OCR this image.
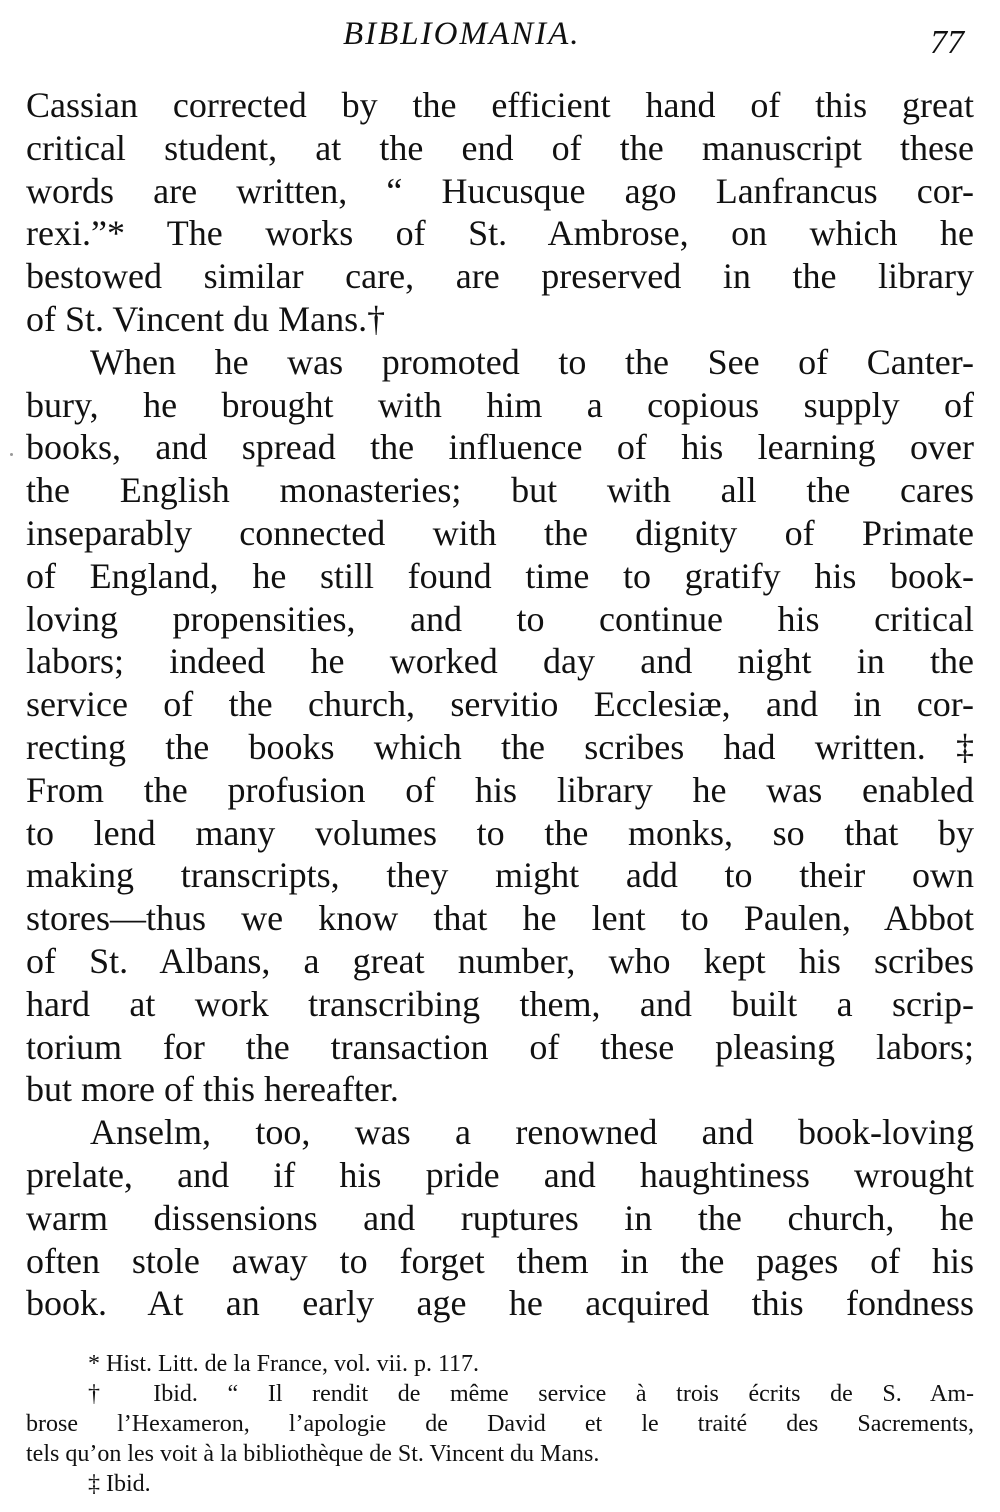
BIBLIOMANIA.	77
Cassian corrected by the efficient hand of this great
critical student, at the end of the manuscript these
words are written, “ Hucusque ago Lanfrancus cor-
rexi.”* The works of St. Ambrose, on which he
bestowed similar care, are preserved in the library
of St. Vincent du Mans.†
When he was promoted to the See of Canter-
bury, he brought with him a copious supply of
books, and spread the influence of his learning over
the English monasteries; but with all the cares
inseparably connected with the dignity of Primate
of England, he still found time to gratify his book-
loving propensities, and to continue his critical
labors; indeed he worked day and night in the
service of the church, servitio Ecclesiæ, and in cor-
recting the books which the scribes had written.‡
From the profusion of his library he was enabled
to lend many volumes to the monks, so that by
making transcripts, they might add to their own
stores—thus we know that he lent to Paulen, Abbot
of St. Albans, a great number, who kept his scribes
hard at work transcribing them, and built a scrip-
torium for the transaction of these pleasing labors;
but more of this hereafter.
Anselm, too, was a renowned and book-loving
prelate, and if his pride and haughtiness wrought
warm dissensions and ruptures in the church, he
often stole away to forget them in the pages of his
book. At an early age he acquired this fondness
* Hist. Litt. de la France, vol. vii. p. 117.
† Ibid. “ Il rendit de même service à trois écrits de S. Am-
brose l’Hexameron, l’apologie de David et le traité des Sacrements,
tels qu’on les voit à la bibliothèque de St. Vincent du Mans.
‡ Ibid.
